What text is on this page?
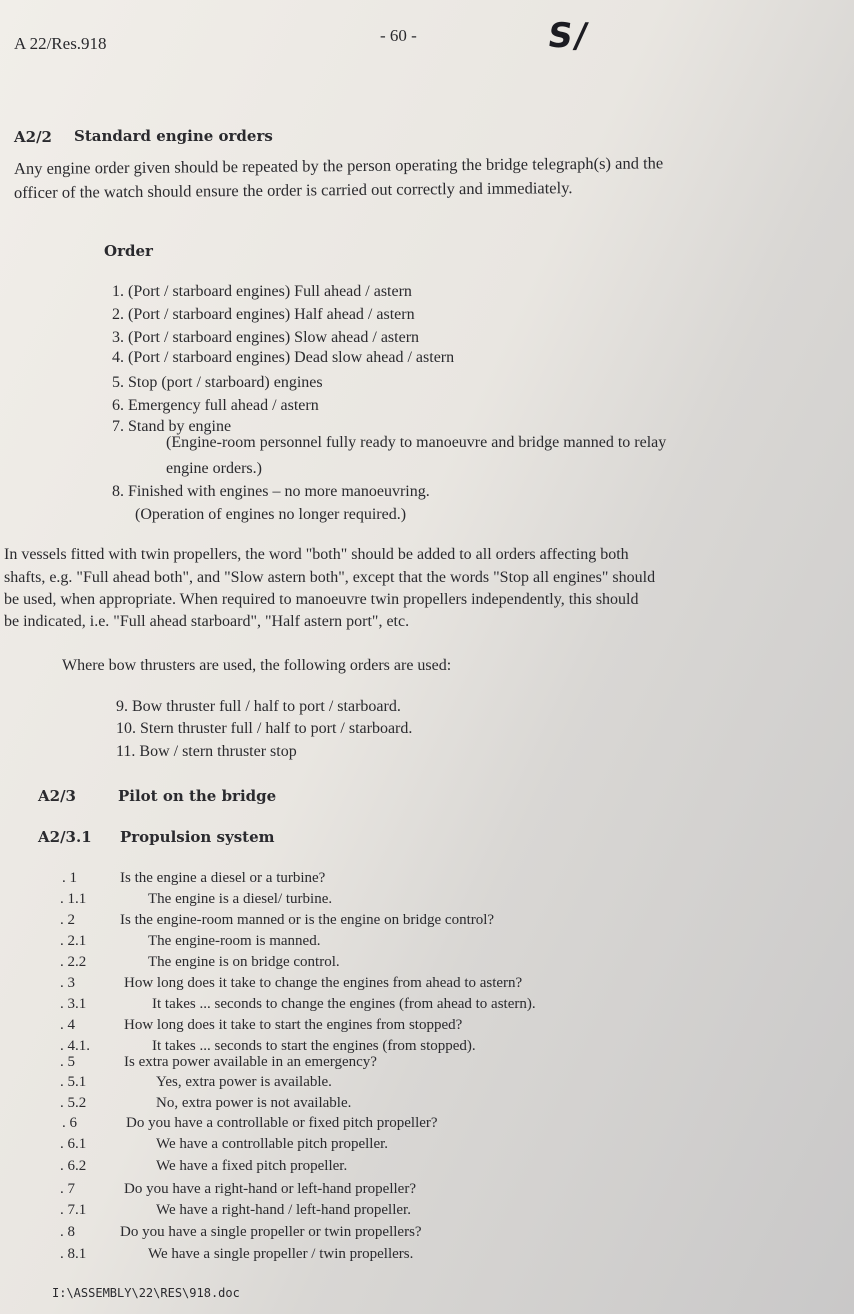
A 22/Res.918	- 60 -	S/
A2/2 Standard engine orders
Any engine order given should be repeated by the person operating the bridge telegraph(s) and the
officer of the watch should ensure the order is carried out correctly and immediately.
Order
1. (Port / starboard engines) Full ahead / astern
2. (Port / starboard engines) Half ahead / astern
3. (Port / starboard engines) Slow ahead / astern
4. (Port / starboard engines) Dead slow ahead / astern
5. Stop (port / starboard) engines
6. Emergency full ahead / astern
7. Stand by engine
(Engine-room personnel fully ready to manoeuvre and bridge manned to relay
engine orders.)
8. Finished with engines – no more manoeuvring.
(Operation of engines no longer required.)
In vessels fitted with twin propellers, the word "both" should be added to all orders affecting both
shafts, e.g. "Full ahead both", and "Slow astern both", except that the words "Stop all engines" should
be used, when appropriate. When required to manoeuvre twin propellers independently, this should
be indicated, i.e. "Full ahead starboard", "Half astern port", etc.
Where bow thrusters are used, the following orders are used:
9. Bow thruster full / half to port / starboard.
10. Stern thruster full / half to port / starboard.
11. Bow / stern thruster stop
A2/3	Pilot on the bridge
A2/3.1 Propulsion system
. 1	Is the engine a diesel or a turbine?
. 1.1	The engine is a diesel/ turbine.
. 2	Is the engine-room manned or is the engine on bridge control?
. 2.1	The engine-room is manned.
. 2.2	The engine is on bridge control.
. 3	How long does it take to change the engines from ahead to astern?
. 3.1	It takes ... seconds to change the engines (from ahead to astern).
. 4	How long does it take to start the engines from stopped?
. 4.1.	It takes ... seconds to start the engines (from stopped).
. 5	Is extra power available in an emergency?
. 5.1	Yes, extra power is available.
. 5.2	No, extra power is not available.
. 6	Do you have a controllable or fixed pitch propeller?
. 6.1	We have a controllable pitch propeller.
. 6.2	We have a fixed pitch propeller.
. 7	Do you have a right-hand or left-hand propeller?
. 7.1	We have a right-hand / left-hand propeller.
. 8	Do you have a single propeller or twin propellers?
. 8.1	We have a single propeller / twin propellers.
I:\ASSEMBLY\22\RES\918.doc
